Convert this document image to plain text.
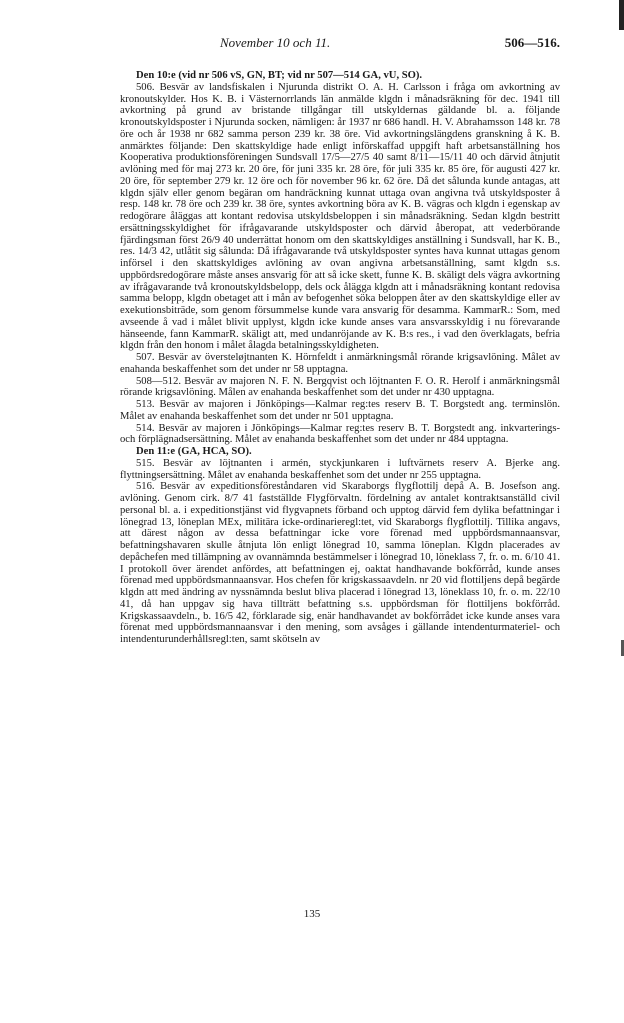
November 10 och 11.	506—516.

Den 10:e (vid nr 506 vS, GN, BT; vid nr 507—514 GA, vU, SO).

506. Besvär av landsfiskalen i Njurunda distrikt O. A. H. Carlsson i fråga om avkortning av kronoutskylder. Hos K. B. i Västernorrlands län anmälde klgdn i månadsräkning för dec. 1941 till avkortning på grund av bristande tillgångar till utskyldernas gäldande bl. a. följande kronoutskyldsposter i Njurunda socken, nämligen: år 1937 nr 686 handl. H. V. Abrahamsson 148 kr. 78 öre och år 1938 nr 682 samma person 239 kr. 38 öre. Vid avkortningslängdens granskning å K. B. anmärktes följande: Den skattskyldige hade enligt införskaffad uppgift haft arbetsanställning hos Kooperativa produktionsföreningen Sundsvall 17/5—27/5 40 samt 8/11—15/11 40 och därvid åtnjutit avlöning med för maj 273 kr. 20 öre, för juni 335 kr. 28 öre, för juli 335 kr. 85 öre, för augusti 427 kr. 20 öre, för september 279 kr. 12 öre och för november 96 kr. 62 öre. Då det sålunda kunde antagas, att klgdn själv eller genom begäran om handräckning kunnat uttaga ovan angivna två utskyldsposter å resp. 148 kr. 78 öre och 239 kr. 38 öre, syntes avkortning böra av K. B. vägras och klgdn i egenskap av redogörare åläggas att kontant redovisa utskyldsbeloppen i sin månadsräkning. Sedan klgdn bestritt ersättningsskyldighet för ifrågavarande utskyldsposter och därvid åberopat, att vederbörande fjärdingsman först 26/9 40 underrättat honom om den skattskyldiges anställning i Sundsvall, har K. B., res. 14/3 42, utlåtit sig sålunda: Då ifrågavarande två utskyldsposter syntes hava kunnat uttagas genom införsel i den skattskyldiges avlöning av ovan angivna arbetsanställning, samt klgdn s.s. uppbördsredogörare måste anses ansvarig för att så icke skett, funne K. B. skäligt dels vägra avkortning av ifrågavarande två kronoutskyldsbelopp, dels ock ålägga klgdn att i månadsräkning kontant redovisa samma belopp, klgdn obetaget att i mån av befogenhet söka beloppen åter av den skattskyldige eller av exekutionsbiträde, som genom försummelse kunde vara ansvarig för desamma. KammarR.: Som, med avseende å vad i målet blivit upplyst, klgdn icke kunde anses vara ansvarsskyldig i nu förevarande hänseende, fann KammarR. skäligt att, med undanröjande av K. B:s res., i vad den överklagats, befria klgdn från den honom i målet ålagda betalningsskyldigheten.

507. Besvär av översteløjtnanten K. Hörnfeldt i anmärkningsmål rörande krigsavlöning. Målet av enahanda beskaffenhet som det under nr 58 upptagna.

508—512. Besvär av majoren N. F. N. Bergqvist och löjtnanten F. O. R. Herolf i anmärkningsmål rörande krigsavlöning. Målen av enahanda beskaffenhet som det under nr 430 upptagna.

513. Besvär av majoren i Jönköpings—Kalmar reg:tes reserv B. T. Borgstedt ang. terminslön. Målet av enahanda beskaffenhet som det under nr 501 upptagna.

514. Besvär av majoren i Jönköpings—Kalmar reg:tes reserv B. T. Borgstedt ang. inkvarterings- och förplägnadsersättning. Målet av enahanda beskaffenhet som det under nr 484 upptagna.

Den 11:e (GA, HCA, SO).

515. Besvär av löjtnanten i armén, styckjunkaren i luftvärnets reserv A. Bjerke ang. flyttningsersättning. Målet av enahanda beskaffenhet som det under nr 255 upptagna.

516. Besvär av expeditionsföreståndaren vid Skaraborgs flygflottilj depå A. B. Josefson ang. avlöning. Genom cirk. 8/7 41 fastställde Flygförvaltn. fördelning av antalet kontraktsanställd civil personal bl. a. i expeditionstjänst vid flygvapnets förband och upptog därvid fem dylika befattningar i lönegrad 13, löneplan MEx, militära icke-ordinarieregl:tet, vid Skaraborgs flygflottilj. Tillika angavs, att därest någon av dessa befattningar icke vore förenad med uppbördsmannaansvar, befattningshavaren skulle åtnjuta lön enligt lönegrad 10, samma löneplan. Klgdn placerades av depåchefen med tillämpning av ovannämnda bestämmelser i lönegrad 10, löneklass 7, fr. o. m. 6/10 41. I protokoll över ärendet anfördes, att befattningen ej, oaktat handhavande bokförråd, kunde anses förenad med uppbördsmannaansvar. Hos chefen för krigskassaavdeln. nr 20 vid flottiljens depå begärde klgdn att med ändring av nyssnämnda beslut bliva placerad i lönegrad 13, löneklass 10, fr. o. m. 22/10 41, då han uppgav sig hava tillträtt befattning s.s. uppbördsman för flottiljens bokförråd. Krigskassaavdeln., b. 16/5 42, förklarade sig, enär handhavandet av bokförrådet icke kunde anses vara förenat med uppbördsmannaansvar i den mening, som avsåges i gällande intendenturmateriel- och intendenturunderhållsregl:ten, samt skötseln av

135
